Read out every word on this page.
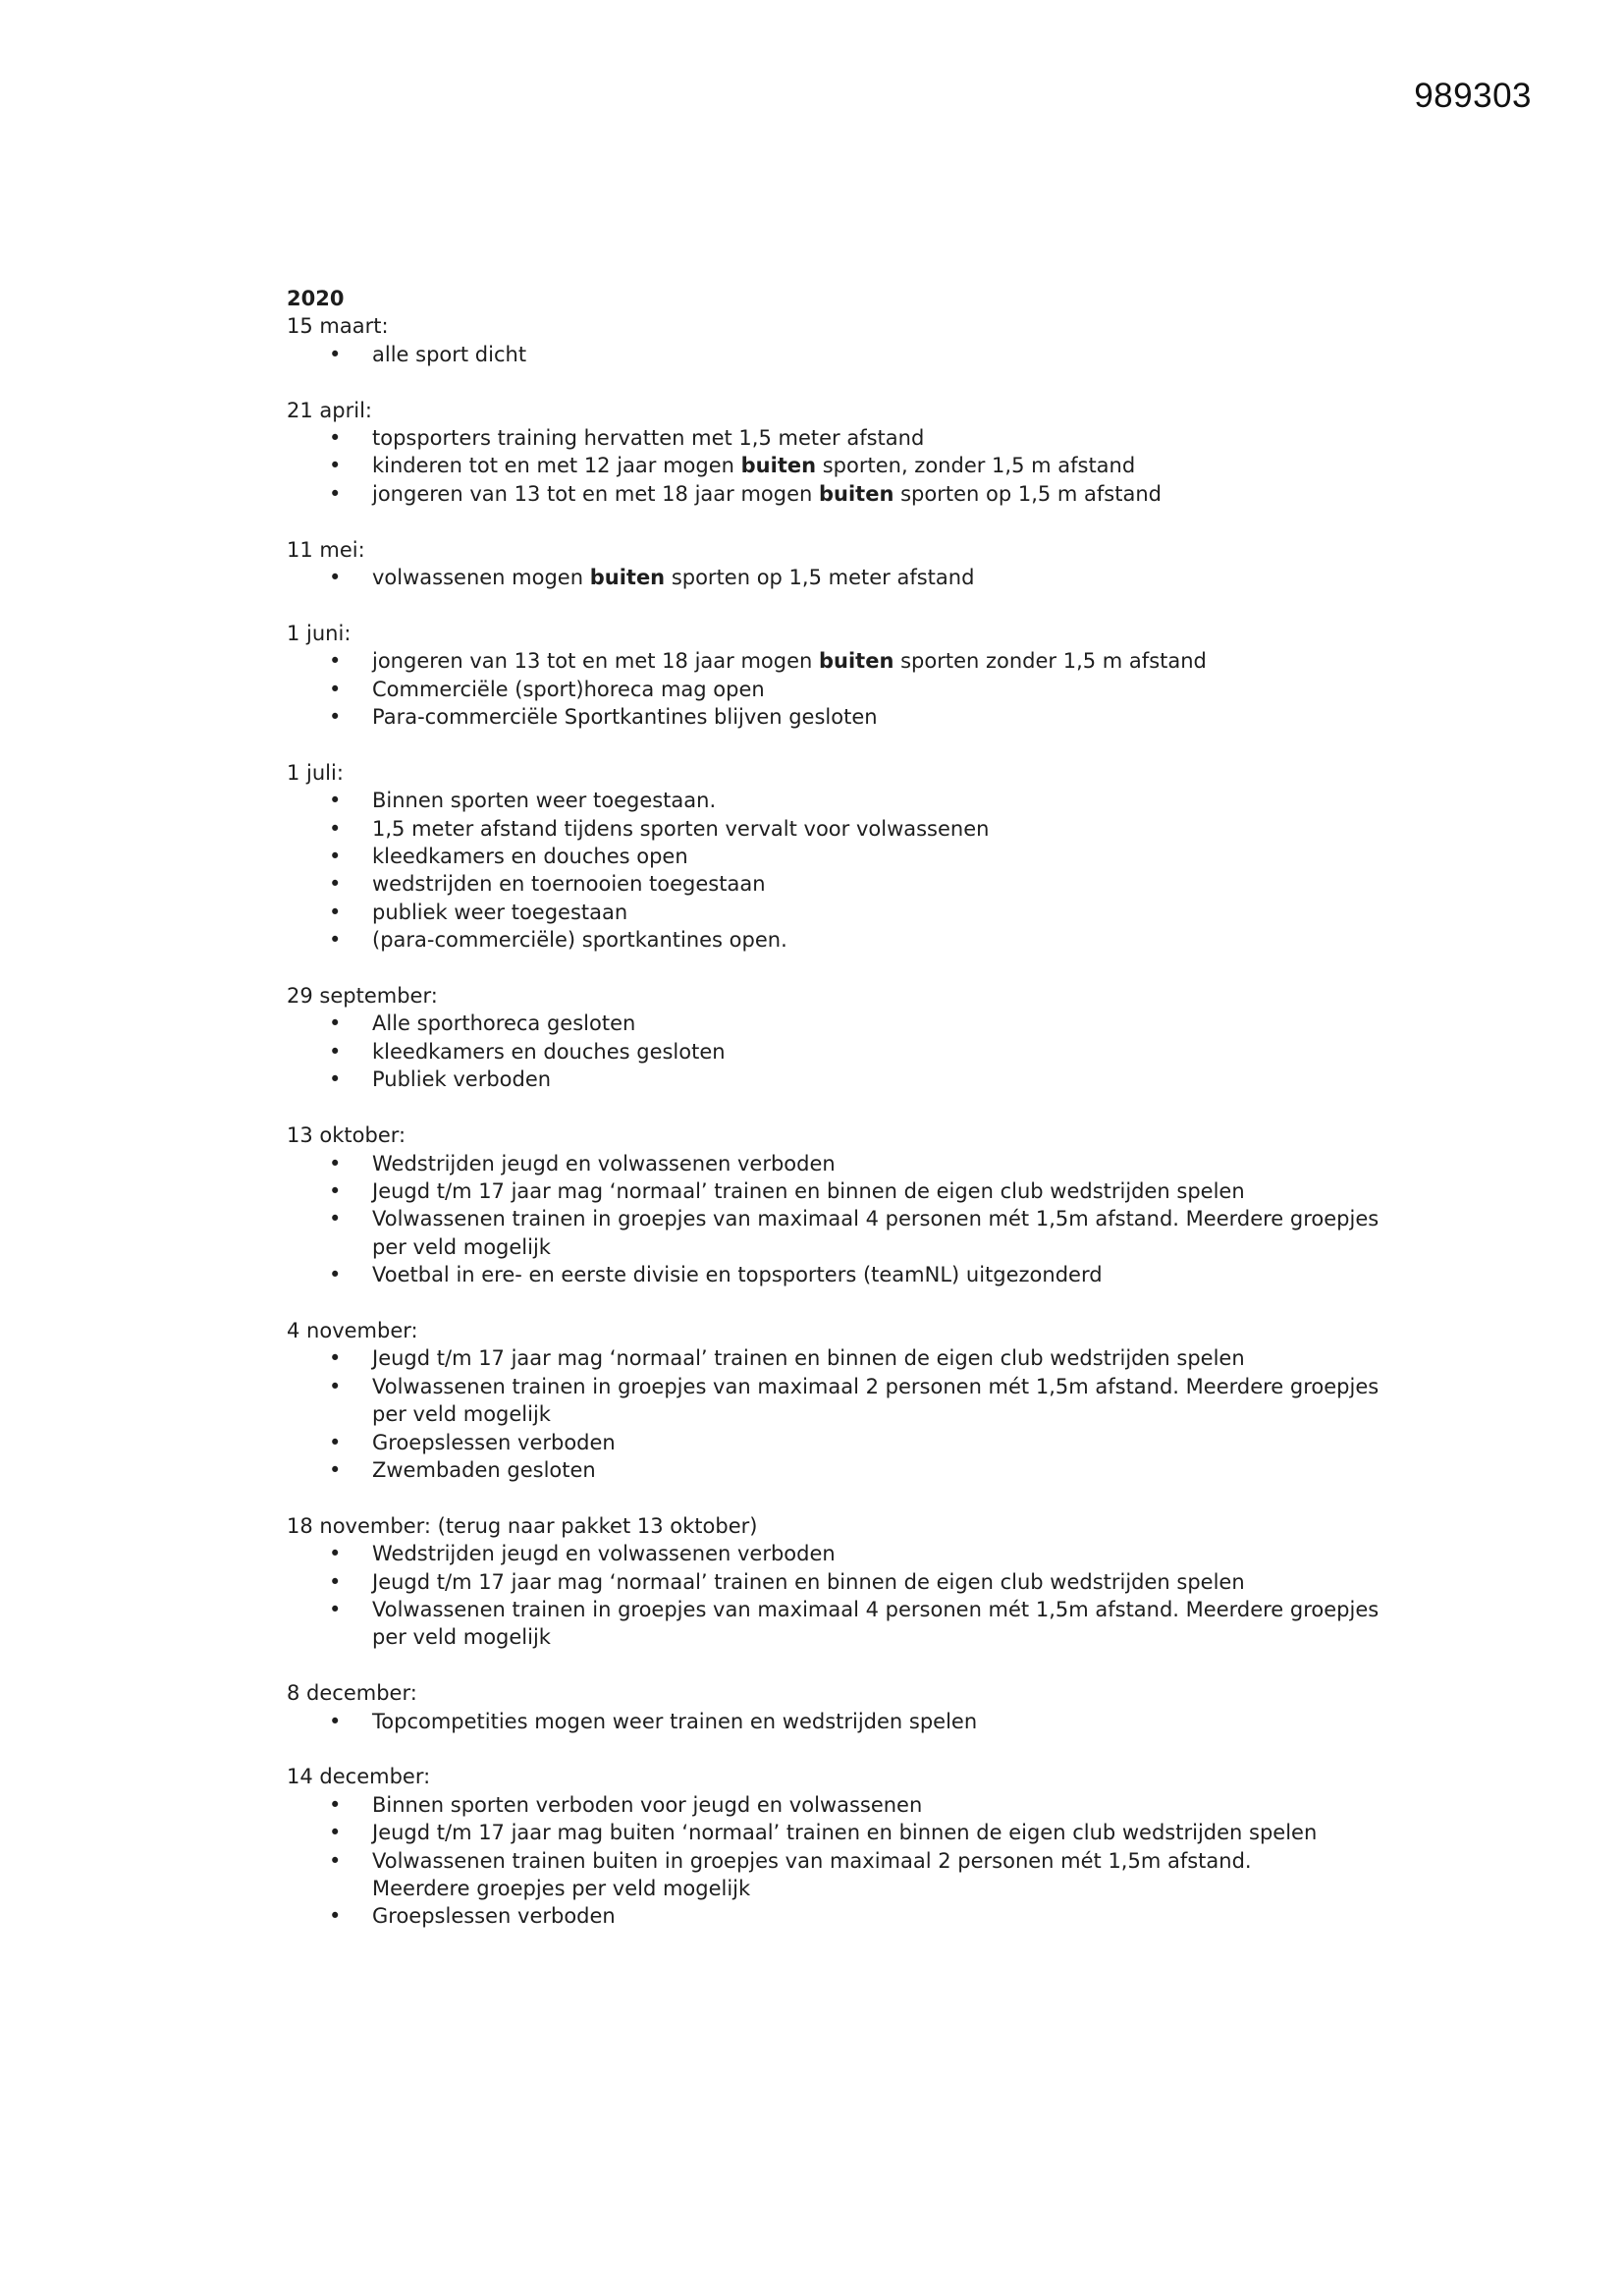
989303

2020

15 maart:

• alle sport dicht

21 april:

• topsporters training hervatten met 1,5 meter afstand
• kinderen tot en met 12 jaar mogen buiten sporten, zonder 1,5 m afstand
• jongeren van 13 tot en met 18 jaar mogen buiten sporten op 1,5 m afstand

11 mei:

• volwassenen mogen buiten sporten op 1,5 meter afstand

1 juni:

• jongeren van 13 tot en met 18 jaar mogen buiten sporten zonder 1,5 m afstand
• Commerciële (sport)horeca mag open
• Para-commerciële Sportkantines blijven gesloten

1 juli:

• Binnen sporten weer toegestaan.
• 1,5 meter afstand tijdens sporten vervalt voor volwassenen
• kleedkamers en douches open
• wedstrijden en toernooien toegestaan
• publiek weer toegestaan
• (para-commerciële) sportkantines open.

29 september:

• Alle sporthoreca gesloten
• kleedkamers en douches gesloten
• Publiek verboden

13 oktober:

• Wedstrijden jeugd en volwassenen verboden
• Jeugd t/m 17 jaar mag ‘normaal’ trainen en binnen de eigen club wedstrijden spelen
• Volwassenen trainen in groepjes van maximaal 4 personen mét 1,5m afstand. Meerdere groepjes per veld mogelijk
• Voetbal in ere- en eerste divisie en topsporters (teamNL) uitgezonderd

4 november:

• Jeugd t/m 17 jaar mag ‘normaal’ trainen en binnen de eigen club wedstrijden spelen
• Volwassenen trainen in groepjes van maximaal 2 personen mét 1,5m afstand. Meerdere groepjes per veld mogelijk
• Groepslessen verboden
• Zwembaden gesloten

18 november: (terug naar pakket 13 oktober)

• Wedstrijden jeugd en volwassenen verboden
• Jeugd t/m 17 jaar mag ‘normaal’ trainen en binnen de eigen club wedstrijden spelen
• Volwassenen trainen in groepjes van maximaal 4 personen mét 1,5m afstand. Meerdere groepjes per veld mogelijk

8 december:

• Topcompetities mogen weer trainen en wedstrijden spelen

14 december:

• Binnen sporten verboden voor jeugd en volwassenen
• Jeugd t/m 17 jaar mag buiten ‘normaal’ trainen en binnen de eigen club wedstrijden spelen
• Volwassenen trainen buiten in groepjes van maximaal 2 personen mét 1,5m afstand.
Meerdere groepjes per veld mogelijk
• Groepslessen verboden
